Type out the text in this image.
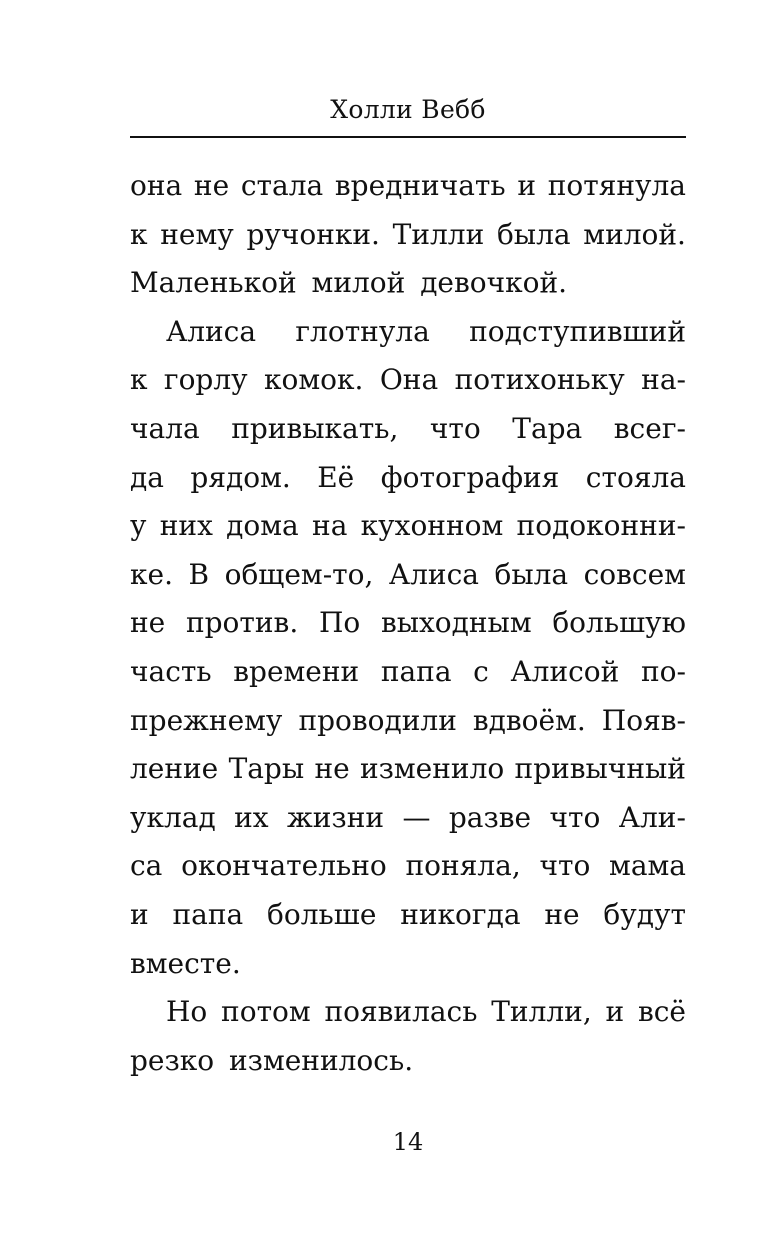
Холли Вебб
она не стала вредничать и потянула
к нему ручонки. Тилли была милой.
Маленькой милой девочкой.
Алиса глотнула подступивший
к горлу комок. Она потихоньку на-
чала привыкать, что Тара всег-
да рядом. Её фотография стояла
у них дома на кухонном подоконни-
ке. В общем-то, Алиса была совсем
не против. По выходным большую
часть времени папа с Алисой по-
прежнему проводили вдвоём. Появ-
ление Тары не изменило привычный
уклад их жизни — разве что Али-
са окончательно поняла, что мама
и папа больше никогда не будут
вместе.
Но потом появилась Тилли, и всё
резко изменилось.
14
